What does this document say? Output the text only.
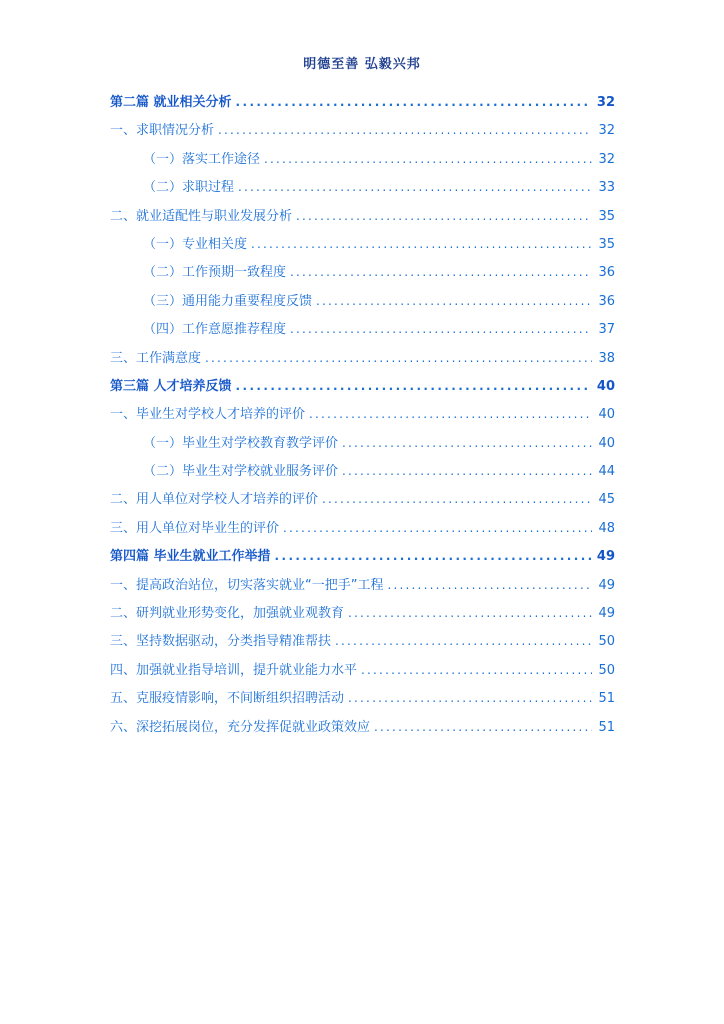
明德至善 弘毅兴邦
第二篇 就业相关分析 .....	32
一、求职情况分析 .....	32
（一）落实工作途径 .....	32
（二）求职过程 .....	33
二、就业适配性与职业发展分析 .....	35
（一）专业相关度 .....	35
（二）工作预期一致程度 .....	36
（三）通用能力重要程度反馈 .....	36
（四）工作意愿推荐程度 .....	37
三、工作满意度 .....	38
第三篇 人才培养反馈 .....	40
一、毕业生对学校人才培养的评价 .....	40
（一）毕业生对学校教育教学评价 .....	40
（二）毕业生对学校就业服务评价 .....	44
二、用人单位对学校人才培养的评价 .....	45
三、用人单位对毕业生的评价 .....	48
第四篇 毕业生就业工作举措 .....	49
一、提高政治站位，切实落实就业“一把手”工程 .....	49
二、研判就业形势变化，加强就业观教育 .....	49
三、坚持数据驱动，分类指导精准帮扶 .....	50
四、加强就业指导培训，提升就业能力水平 .....	50
五、克服疫情影响，不间断组织招聘活动 .....	51
六、深挖拓展岗位，充分发挥促就业政策效应 .....	51
